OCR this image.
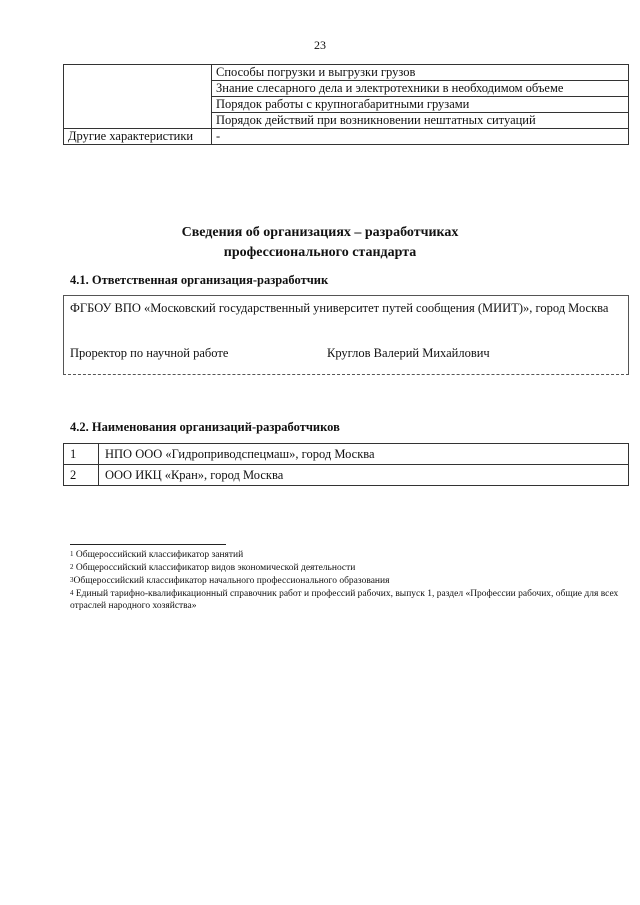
23
	Способы погрузки и выгрузки грузов
	Знание слесарного дела и электротехники в необходимом объеме
	Порядок работы с крупногабаритными грузами
	Порядок действий при возникновении нештатных ситуаций
Другие характеристики	-
Сведения об организациях – разработчиках
профессионального стандарта
4.1. Ответственная организация-разработчик
ФГБОУ ВПО «Московский государственный университет путей сообщения (МИИТ)», город Москва
Проректор по научной работе	Круглов Валерий Михайлович
4.2. Наименования организаций-разработчиков
1	НПО ООО «Гидроприводспецмаш», город Москва
2	ООО ИКЦ «Кран», город Москва
$^1$ Общероссийский классификатор занятий
$^2$ Общероссийский классификатор видов экономической деятельности
$^3$Общероссийский классификатор начального профессионального образования
$^4$ Единый тарифно-квалификационный справочник работ и профессий рабочих, выпуск 1, раздел «Профессии рабочих, общие для всех отраслей народного хозяйства»
